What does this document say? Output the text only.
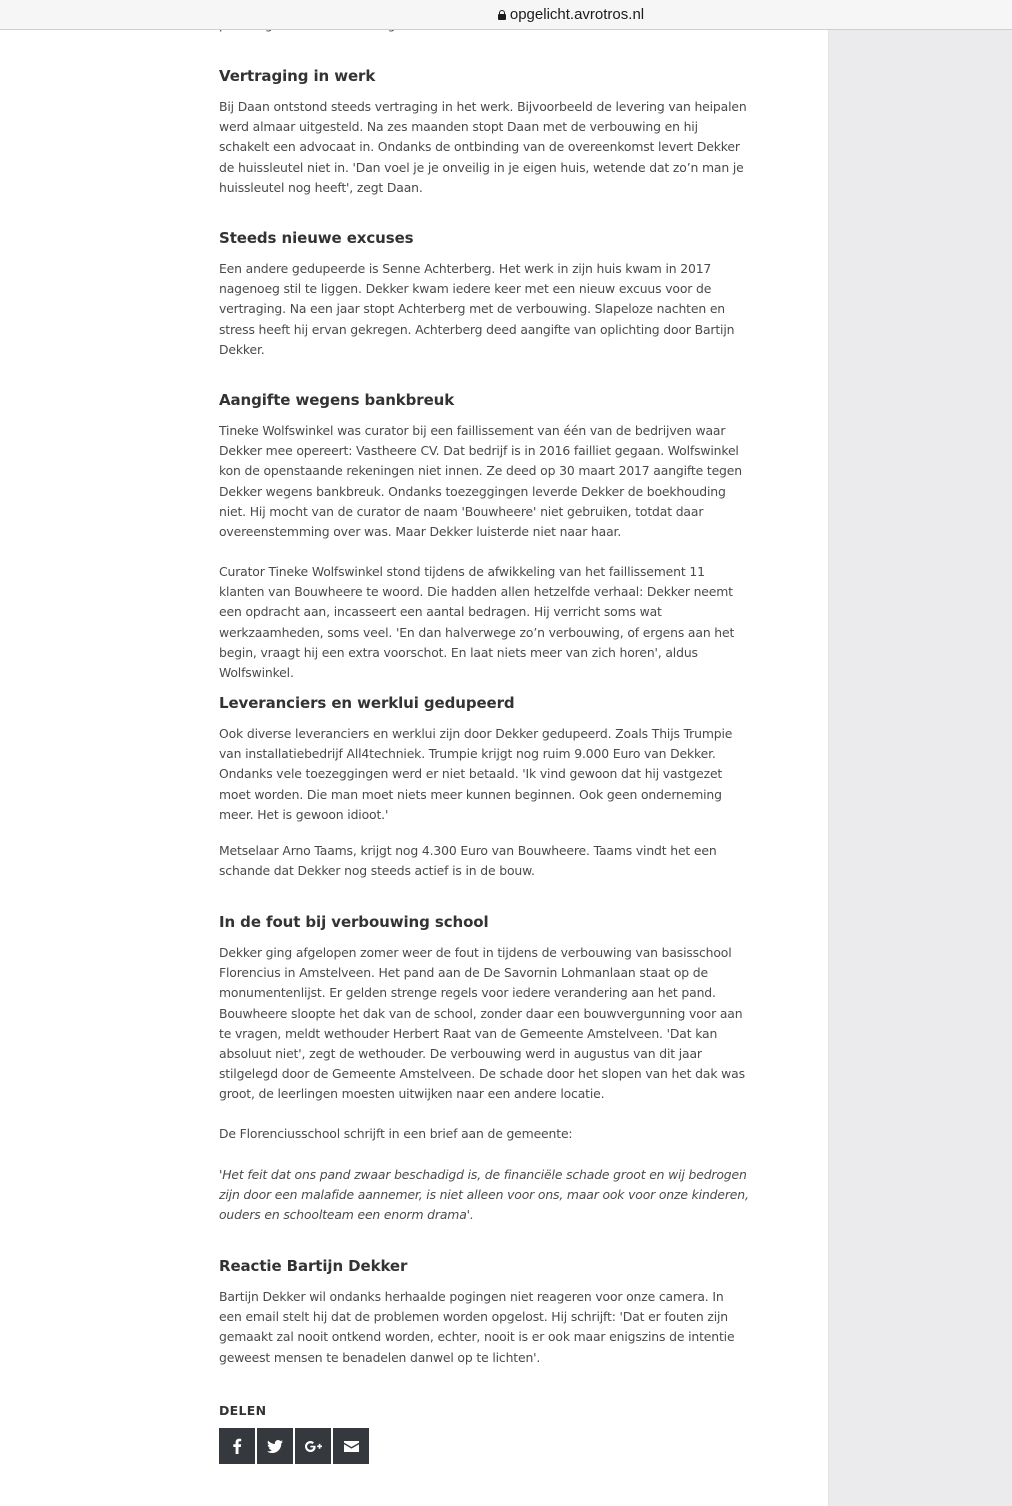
opgelicht.avrotros.nl
Vertraging in werk

Bij Daan ontstond steeds vertraging in het werk. Bijvoorbeeld de levering van heipalen werd almaar uitgesteld. Na zes maanden stopt Daan met de verbouwing en hij schakelt een advocaat in. Ondanks de ontbinding van de overeenkomst levert Dekker de huissleutel niet in. 'Dan voel je je onveilig in je eigen huis, wetende dat zo’n man je huissleutel nog heeft', zegt Daan.

Steeds nieuwe excuses

Een andere gedupeerde is Senne Achterberg. Het werk in zijn huis kwam in 2017 nagenoeg stil te liggen. Dekker kwam iedere keer met een nieuw excuus voor de vertraging. Na een jaar stopt Achterberg met de verbouwing. Slapeloze nachten en stress heeft hij ervan gekregen. Achterberg deed aangifte van oplichting door Bartijn Dekker.

Aangifte wegens bankbreuk

Tineke Wolfswinkel was curator bij een faillissement van één van de bedrijven waar Dekker mee opereert: Vastheere CV. Dat bedrijf is in 2016 failliet gegaan. Wolfswinkel kon de openstaande rekeningen niet innen. Ze deed op 30 maart 2017 aangifte tegen Dekker wegens bankbreuk. Ondanks toezeggingen leverde Dekker de boekhouding niet. Hij mocht van de curator de naam 'Bouwheere' niet gebruiken, totdat daar overeenstemming over was. Maar Dekker luisterde niet naar haar.

Curator Tineke Wolfswinkel stond tijdens de afwikkeling van het faillissement 11 klanten van Bouwheere te woord. Die hadden allen hetzelfde verhaal: Dekker neemt een opdracht aan, incasseert een aantal bedragen. Hij verricht soms wat werkzaamheden, soms veel. 'En dan halverwege zo’n verbouwing, of ergens aan het begin, vraagt hij een extra voorschot. En laat niets meer van zich horen', aldus Wolfswinkel.

Leveranciers en werklui gedupeerd

Ook diverse leveranciers en werklui zijn door Dekker gedupeerd. Zoals Thijs Trumpie van installatiebedrijf All4techniek. Trumpie krijgt nog ruim 9.000 Euro van Dekker. Ondanks vele toezeggingen werd er niet betaald. 'Ik vind gewoon dat hij vastgezet moet worden. Die man moet niets meer kunnen beginnen. Ook geen onderneming meer. Het is gewoon idioot.'

Metselaar Arno Taams, krijgt nog 4.300 Euro van Bouwheere. Taams vindt het een schande dat Dekker nog steeds actief is in de bouw.

In de fout bij verbouwing school

Dekker ging afgelopen zomer weer de fout in tijdens de verbouwing van basisschool Florencius in Amstelveen. Het pand aan de De Savornin Lohmanlaan staat op de monumentenlijst. Er gelden strenge regels voor iedere verandering aan het pand. Bouwheere sloopte het dak van de school, zonder daar een bouwvergunning voor aan te vragen, meldt wethouder Herbert Raat van de Gemeente Amstelveen. 'Dat kan absoluut niet', zegt de wethouder. De verbouwing werd in augustus van dit jaar stilgelegd door de Gemeente Amstelveen. De schade door het slopen van het dak was groot, de leerlingen moesten uitwijken naar een andere locatie.

De Florenciusschool schrijft in een brief aan de gemeente:

'Het feit dat ons pand zwaar beschadigd is, de financiële schade groot en wij bedrogen zijn door een malafide aannemer, is niet alleen voor ons, maar ook voor onze kinderen, ouders en schoolteam een enorm drama'.

Reactie Bartijn Dekker

Bartijn Dekker wil ondanks herhaalde pogingen niet reageren voor onze camera. In een email stelt hij dat de problemen worden opgelost. Hij schrijft: 'Dat er fouten zijn gemaakt zal nooit ontkend worden, echter, nooit is er ook maar enigszins de intentie geweest mensen te benadelen danwel op te lichten'.

DELEN
